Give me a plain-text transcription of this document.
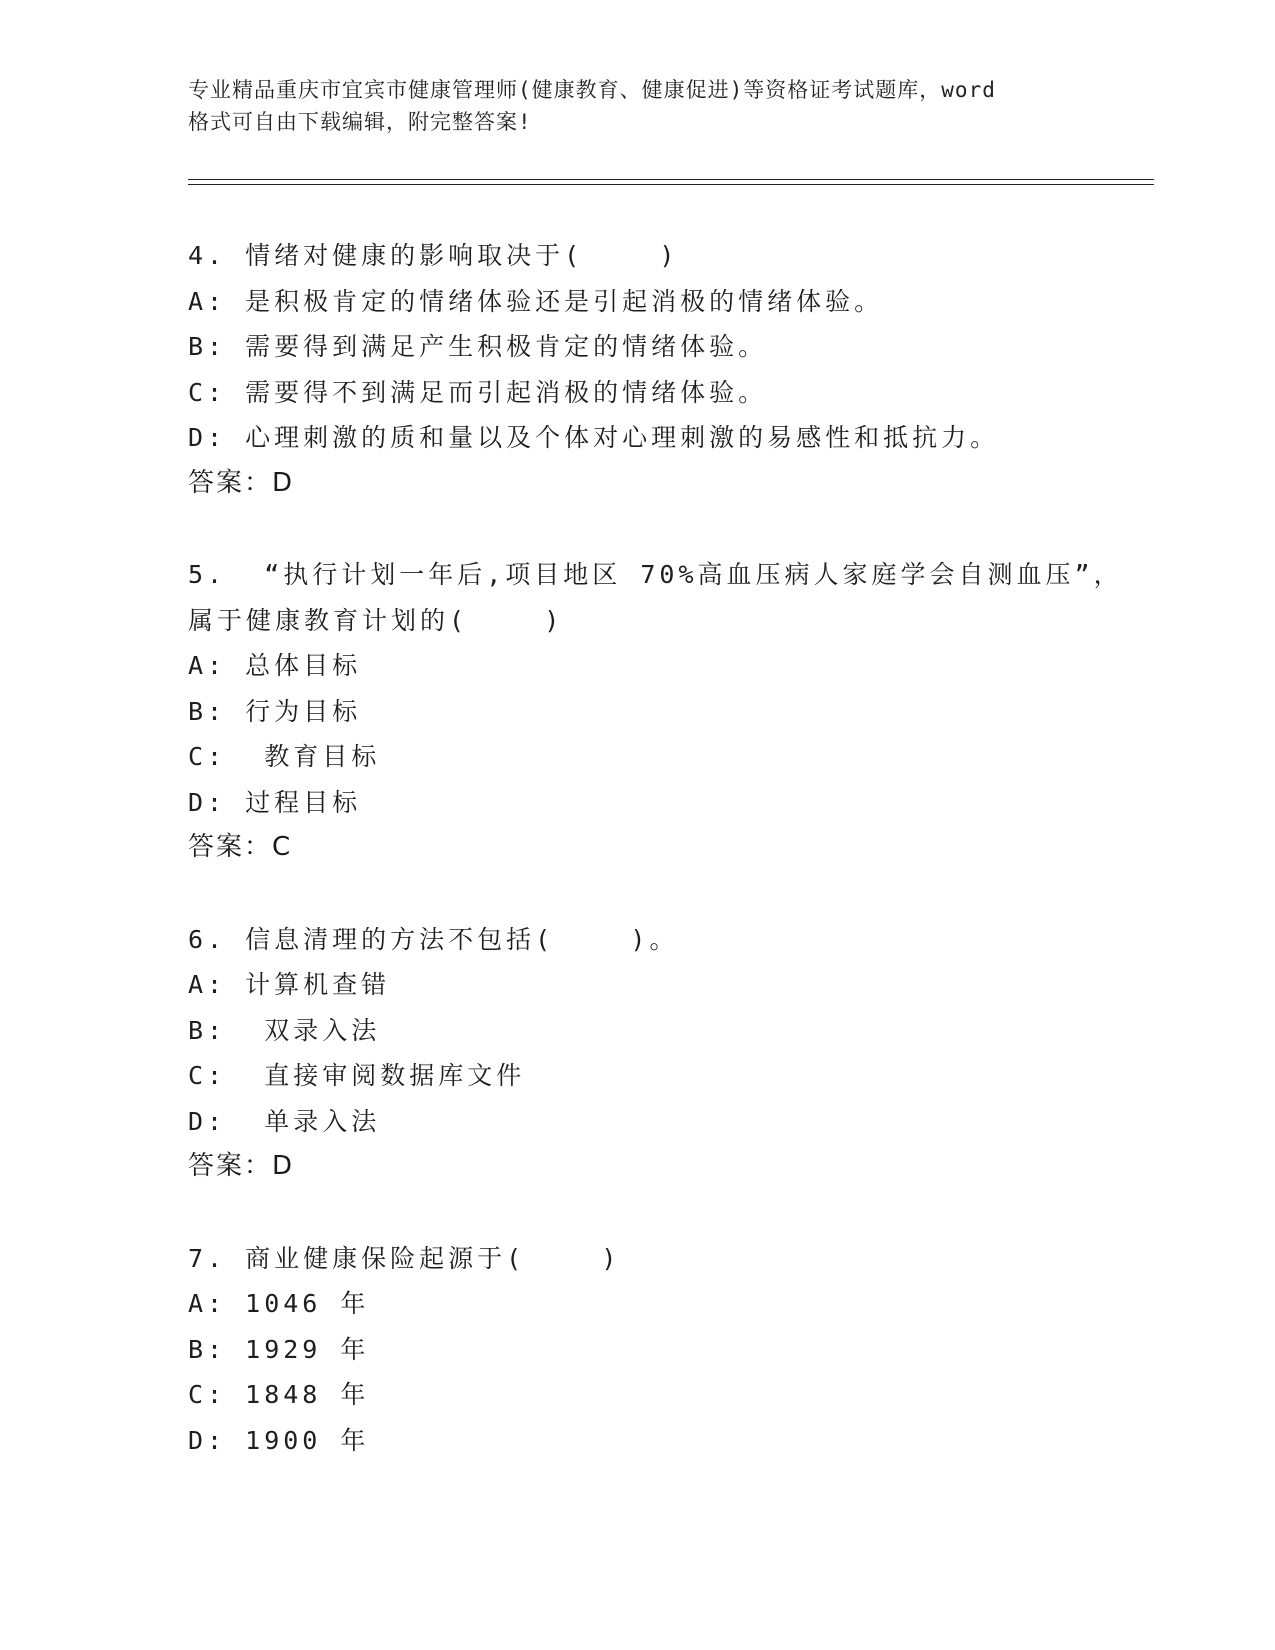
专业精品重庆市宜宾市健康管理师(健康教育、健康促进)等资格证考试题库，word
格式可自由下载编辑，附完整答案!
4. 情绪对健康的影响取决于(    )
A: 是积极肯定的情绪体验还是引起消极的情绪体验。
B: 需要得到满足产生积极肯定的情绪体验。
C: 需要得不到满足而引起消极的情绪体验。
D: 心理刺激的质和量以及个体对心理刺激的易感性和抵抗力。
答案：D
5.  “执行计划一年后,项目地区 70%高血压病人家庭学会自测血压”，
属于健康教育计划的(    )
A: 总体目标
B: 行为目标
C:  教育目标
D: 过程目标
答案：C
6. 信息清理的方法不包括(    )。
A: 计算机查错
B:  双录入法
C:  直接审阅数据库文件
D:  单录入法
答案：D
7. 商业健康保险起源于(    )
A: 1046 年
B: 1929 年
C: 1848 年
D: 1900 年
